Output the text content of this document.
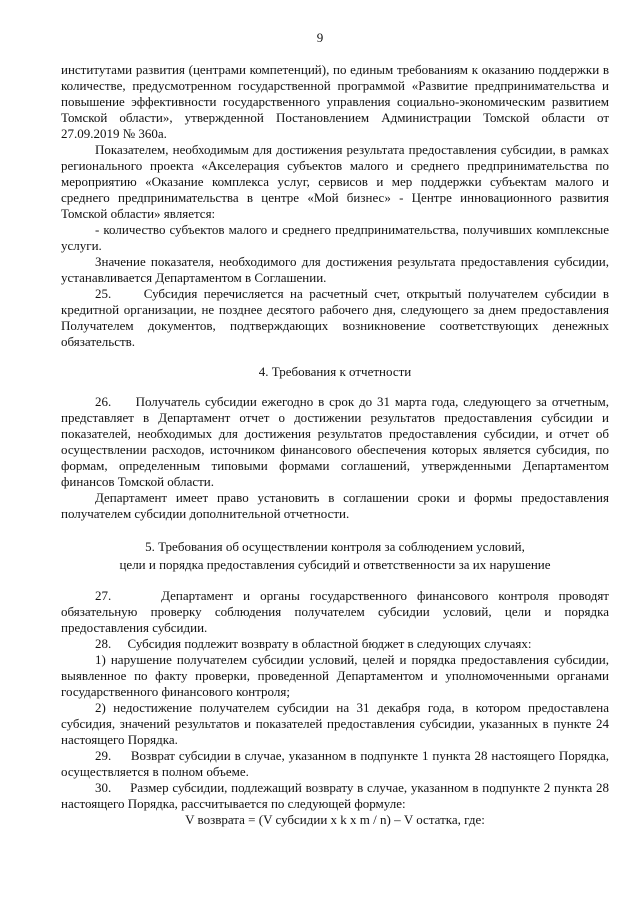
9

институтами развития (центрами компетенций), по единым требованиям к оказанию поддержки в количестве, предусмотренном государственной программой «Развитие предпринимательства и повышение эффективности государственного управления социально-экономическим развитием Томской области», утвержденной Постановлением Администрации Томской области от 27.09.2019 № 360а.

Показателем, необходимым для достижения результата предоставления субсидии, в рамках регионального проекта «Акселерация субъектов малого и среднего предпринимательства по мероприятию «Оказание комплекса услуг, сервисов и мер поддержки субъектам малого и среднего предпринимательства в центре «Мой бизнес» - Центре инновационного развития Томской области» является:

- количество субъектов малого и среднего предпринимательства, получивших комплексные услуги.

Значение показателя, необходимого для достижения результата предоставления субсидии, устанавливается Департаментом в Соглашении.

25.     Субсидия перечисляется на расчетный счет, открытый получателем субсидии в кредитной организации, не позднее десятого рабочего дня, следующего за днем предоставления Получателем документов, подтверждающих возникновение соответствующих денежных обязательств.

4. Требования к отчетности

26.     Получатель субсидии ежегодно в срок до 31 марта года, следующего за отчетным, представляет в Департамент отчет о достижении результатов предоставления субсидии и показателей, необходимых для достижения результатов предоставления субсидии, и отчет об осуществлении расходов, источником финансового обеспечения которых является субсидия, по формам, определенным типовыми формами соглашений, утвержденными Департаментом финансов Томской области.

Департамент имеет право установить в соглашении сроки и формы предоставления получателем субсидии дополнительной отчетности.

5. Требования об осуществлении контроля за соблюдением условий,

цели и порядка предоставления субсидий и ответственности за их нарушение

27.     Департамент и органы государственного финансового контроля проводят обязательную проверку соблюдения получателем субсидии условий, цели и порядка предоставления субсидии.

28.     Субсидия подлежит возврату в областной бюджет в следующих случаях:

1) нарушение получателем субсидии условий, целей и порядка предоставления субсидии, выявленное по факту проверки, проведенной Департаментом и уполномоченными органами государственного финансового контроля;

2) недостижение получателем субсидии на 31 декабря года, в котором предоставлена субсидия, значений результатов и показателей предоставления субсидии, указанных в пункте 24 настоящего Порядка.

29.     Возврат субсидии в случае, указанном в подпункте 1 пункта 28 настоящего Порядка, осуществляется в полном объеме.

30.     Размер субсидии, подлежащий возврату в случае, указанном в подпункте 2 пункта 28 настоящего Порядка, рассчитывается по следующей формуле:

V возврата = (V субсидии x k x m / n) – V остатка, где:
